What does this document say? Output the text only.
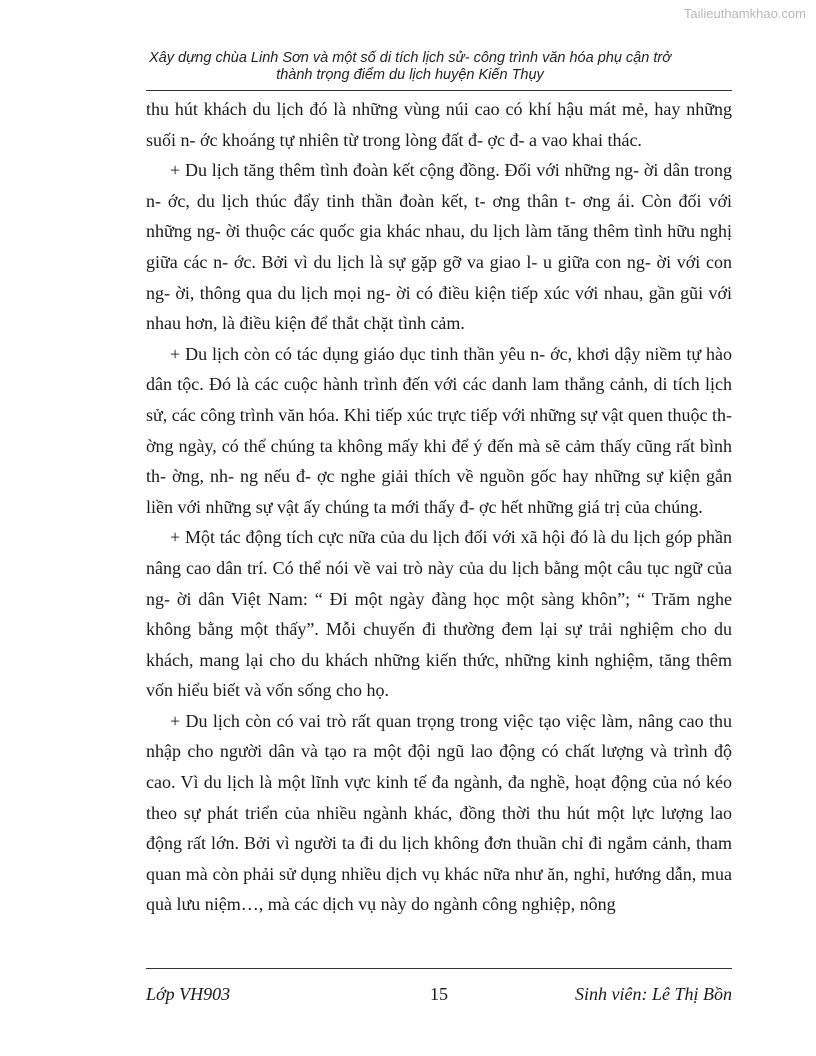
Tailieuthamkhao.com
Xây dựng chùa Linh Sơn và một số di tích lịch sử- công trình văn hóa phụ cận trở
thành trọng điểm du lịch huyện Kiến Thụy

thu hút khách du lịch đó là những vùng núi cao có khí hậu mát mẻ, hay những suối n- ớc khoáng tự nhiên từ trong lòng đất đ- ợc đ- a vao khai thác.

+ Du lịch tăng thêm tình đoàn kết cộng đồng. Đối với những ng- ời dân trong n- ớc, du lịch thúc đẩy tinh thần đoàn kết, t- ơng thân t- ơng ái. Còn đối với những ng- ời thuộc các quốc gia khác nhau, du lịch làm tăng thêm tình hữu nghị giữa các n- ớc. Bởi vì du lịch là sự gặp gỡ va giao l- u giữa con ng- ời với con ng- ời, thông qua du lịch mọi ng- ời có điều kiện tiếp xúc với nhau, gần gũi với nhau hơn, là điều kiện để thắt chặt tình cảm.

+ Du lịch còn có tác dụng giáo dục tinh thần yêu n- ớc, khơi dậy niềm tự hào dân tộc. Đó là các cuộc hành trình đến với các danh lam thắng cảnh, di tích lịch sử, các công trình văn hóa. Khi tiếp xúc trực tiếp với những sự vật quen thuộc th- ờng ngày, có thể chúng ta không mấy khi để ý đến mà sẽ cảm thấy cũng rất bình th- ờng, nh- ng nếu đ- ợc nghe giải thích về nguồn gốc hay những sự kiện gắn liền với những sự vật ấy chúng ta mới thấy đ- ợc hết những giá trị của chúng.

+ Một tác động tích cực nữa của du lịch đối với xã hội đó là du lịch góp phần nâng cao dân trí. Có thể nói về vai trò này của du lịch bằng một câu tục ngữ của ng- ời dân Việt Nam: “ Đi một ngày đàng học một sàng khôn”; “ Trăm nghe không bằng một thấy”. Mỗi chuyến đi thường đem lại sự trải nghiệm cho du khách, mang lại cho du khách những kiến thức, những kinh nghiệm, tăng thêm vốn hiểu biết và vốn sống cho họ.

+ Du lịch còn có vai trò rất quan trọng trong việc tạo việc làm, nâng cao thu nhập cho người dân và tạo ra một đội ngũ lao động có chất lượng và trình độ cao. Vì du lịch là một lĩnh vực kinh tế đa ngành, đa nghề, hoạt động của nó kéo theo sự phát triển của nhiều ngành khác, đồng thời thu hút một lực lượng lao động rất lớn. Bởi vì người ta đi du lịch không đơn thuần chỉ đi ngắm cảnh, tham quan mà còn phải sử dụng nhiều dịch vụ khác nữa như ăn, nghỉ, hướng dẫn, mua quà lưu niệm…, mà các dịch vụ này do ngành công nghiệp, nông

15
Lớp VH903	Sinh viên: Lê Thị Bồn
